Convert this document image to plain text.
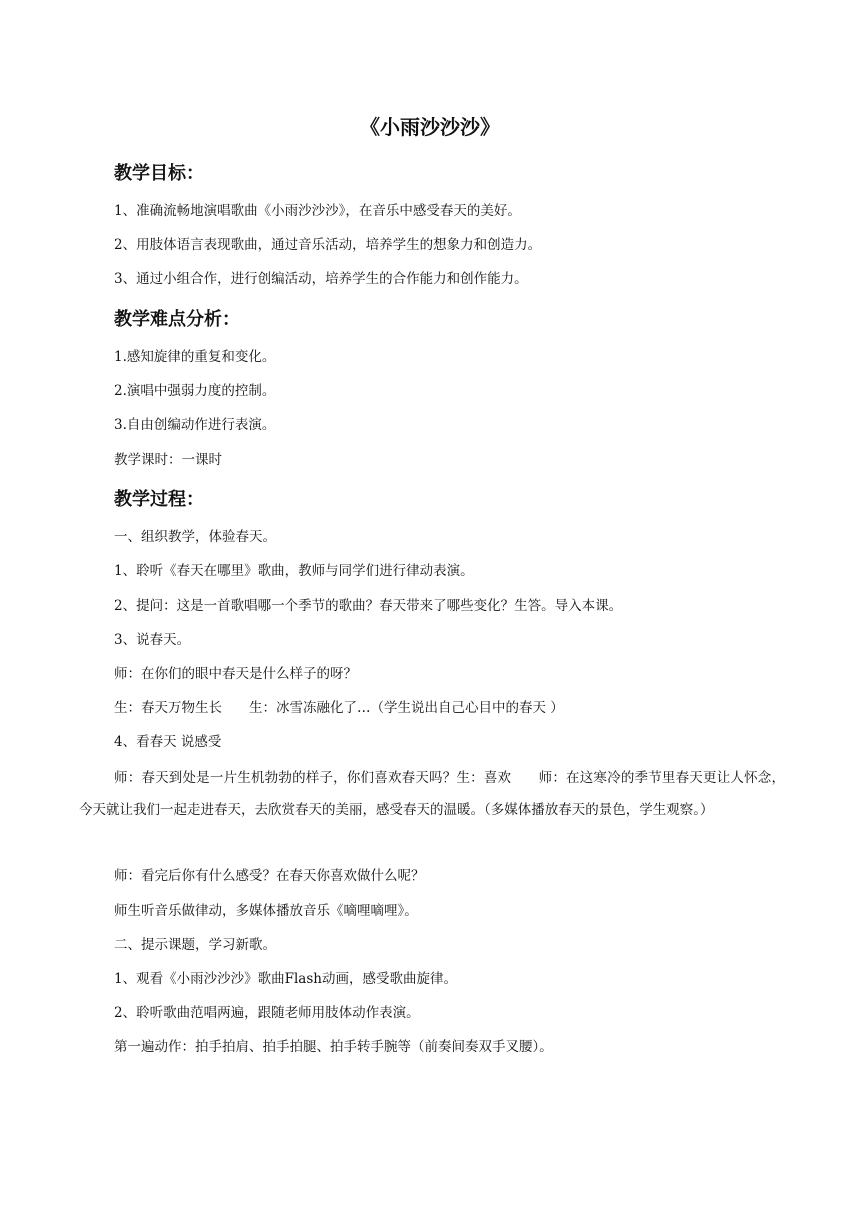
《小雨沙沙沙》
教学目标：
1、准确流畅地演唱歌曲《小雨沙沙沙》，在音乐中感受春天的美好。
2、用肢体语言表现歌曲，通过音乐活动，培养学生的想象力和创造力。
3、通过小组合作，进行创编活动，培养学生的合作能力和创作能力。
教学难点分析：
1.感知旋律的重复和变化。
2.演唱中强弱力度的控制。
3.自由创编动作进行表演。
教学课时：一课时
教学过程：
一、组织教学，体验春天。
1、聆听《春天在哪里》歌曲，教师与同学们进行律动表演。
2、提问：这是一首歌唱哪一个季节的歌曲？春天带来了哪些变化？生答。导入本课。
3、说春天。
师：在你们的眼中春天是什么样子的呀？
生：春天万物生长　　生：冰雪冻融化了…（学生说出自己心目中的春天 ）
4、看春天 说感受
师：春天到处是一片生机勃勃的样子，你们喜欢春天吗？生：喜欢　　师：在这寒冷的季节里春天更让人怀念，今天就让我们一起走进春天，去欣赏春天的美丽，感受春天的温暖。（多媒体播放春天的景色，学生观察。）
师：看完后你有什么感受？在春天你喜欢做什么呢？
师生听音乐做律动，多媒体播放音乐《嘀哩嘀哩》。
二、提示课题，学习新歌。
1、观看《小雨沙沙沙》歌曲Flash动画，感受歌曲旋律。
2、聆听歌曲范唱两遍，跟随老师用肢体动作表演。
第一遍动作：拍手拍肩、拍手拍腿、拍手转手腕等（前奏间奏双手叉腰）。
